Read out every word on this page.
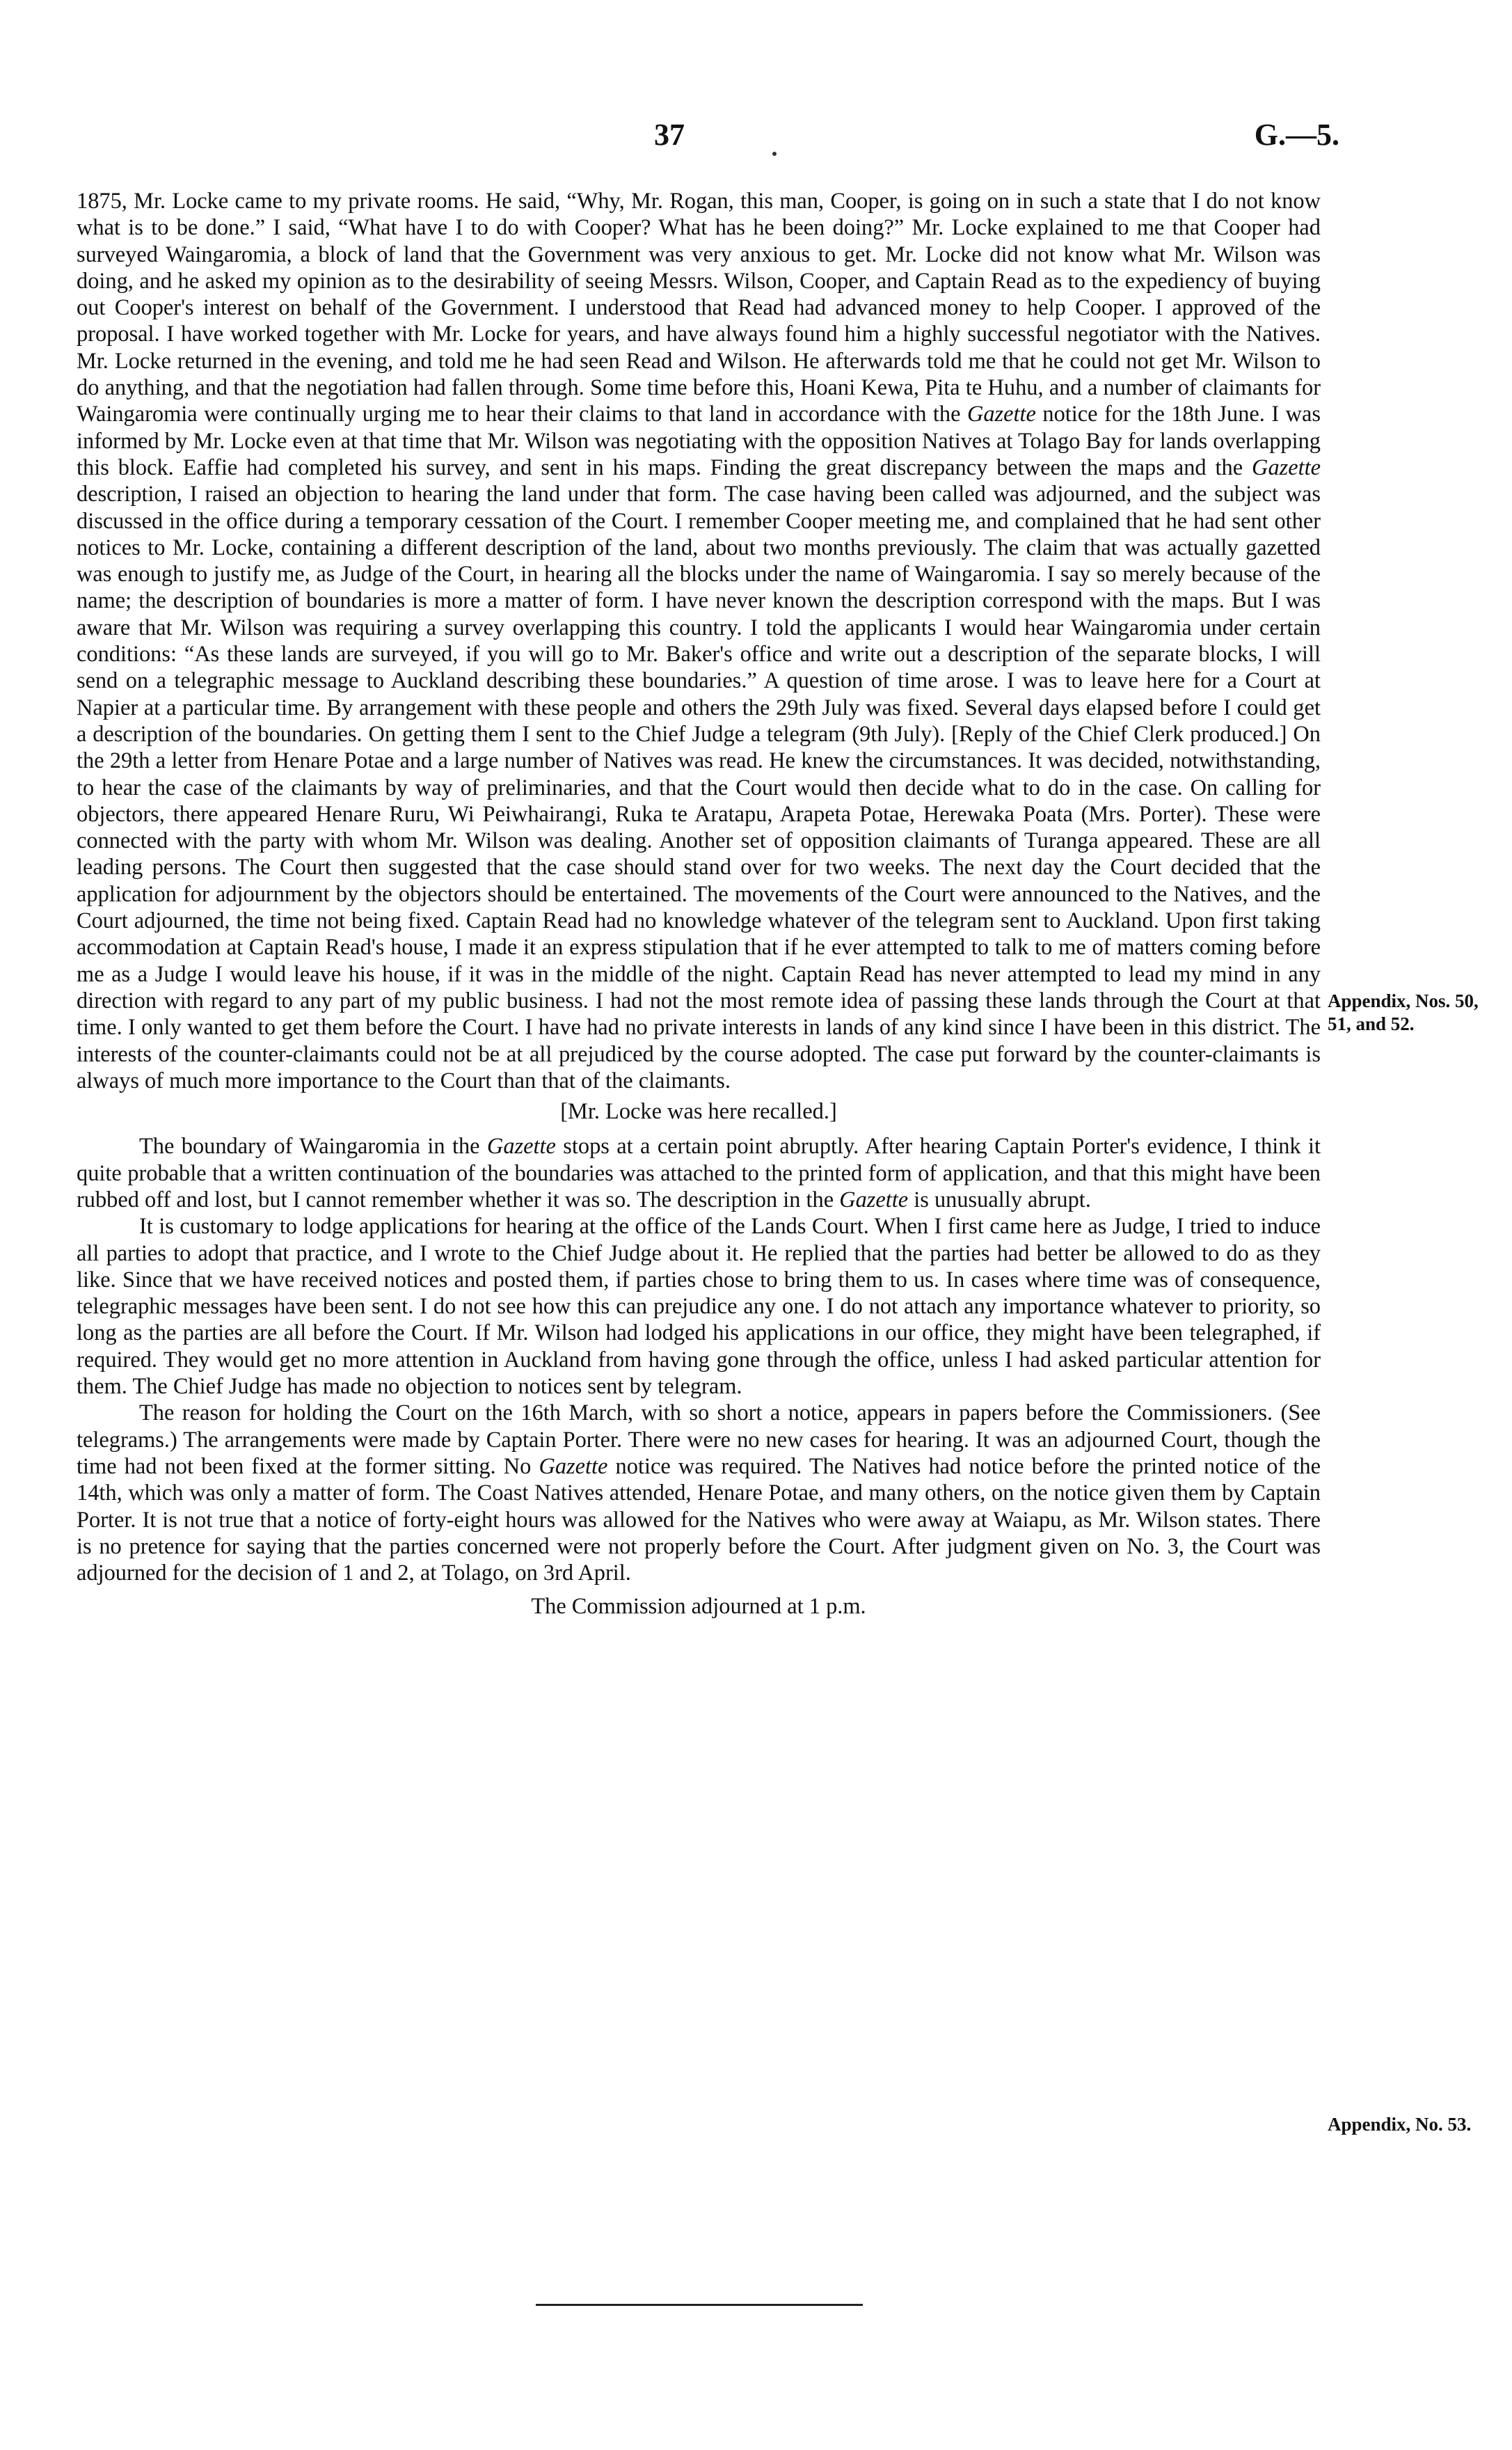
37	G.—5.

1875, Mr. Locke came to my private rooms. He said, “Why, Mr. Rogan, this man, Cooper, is going on in such a state that I do not know what is to be done.” I said, “What have I to do with Cooper? What has he been doing?” Mr. Locke explained to me that Cooper had surveyed Waingaromia, a block of land that the Government was very anxious to get. Mr. Locke did not know what Mr. Wilson was doing, and he asked my opinion as to the desirability of seeing Messrs. Wilson, Cooper, and Captain Read as to the expediency of buying out Cooper's interest on behalf of the Government. I understood that Read had advanced money to help Cooper. I approved of the proposal. I have worked together with Mr. Locke for years, and have always found him a highly successful negotiator with the Natives. Mr. Locke returned in the evening, and told me he had seen Read and Wilson. He afterwards told me that he could not get Mr. Wilson to do anything, and that the negotiation had fallen through. Some time before this, Hoani Kewa, Pita te Huhu, and a number of claimants for Waingaromia were continually urging me to hear their claims to that land in accordance with the Gazette notice for the 18th June. I was informed by Mr. Locke even at that time that Mr. Wilson was negotiating with the opposition Natives at Tolago Bay for lands overlapping this block. Eaffie had completed his survey, and sent in his maps. Finding the great discrepancy between the maps and the Gazette description, I raised an objection to hearing the land under that form. The case having been called was adjourned, and the subject was discussed in the office during a temporary cessation of the Court. I remember Cooper meeting me, and complained that he had sent other notices to Mr. Locke, containing a different description of the land, about two months previously. The claim that was actually gazetted was enough to justify me, as Judge of the Court, in hearing all the blocks under the name of Waingaromia. I say so merely because of the name; the description of boundaries is more a matter of form. I have never known the description correspond with the maps. But I was aware that Mr. Wilson was requiring a survey overlapping this country. I told the applicants I would hear Waingaromia under certain conditions: “As these lands are surveyed, if you will go to Mr. Baker's office and write out a description of the separate blocks, I will send on a telegraphic message to Auckland describing these boundaries.” A question of time arose. I was to leave here for a Court at Napier at a particular time. By arrangement with these people and others the 29th July was fixed. Several days elapsed before I could get a description of the boundaries. On getting them I sent to the Chief Judge a telegram (9th July). [Reply of the Chief Clerk produced.] On the 29th a letter from Henare Potae and a large number of Natives was read. He knew the circumstances. It was decided, notwithstanding, to hear the case of the claimants by way of preliminaries, and that the Court would then decide what to do in the case. On calling for objectors, there appeared Henare Ruru, Wi Peiwhairangi, Ruka te Aratapu, Arapeta Potae, Herewaka Poata (Mrs. Porter). These were connected with the party with whom Mr. Wilson was dealing. Another set of opposition claimants of Turanga appeared. These are all leading persons. The Court then suggested that the case should stand over for two weeks. The next day the Court decided that the application for adjournment by the objectors should be entertained. The movements of the Court were announced to the Natives, and the Court adjourned, the time not being fixed. Captain Read had no knowledge whatever of the telegram sent to Auckland. Upon first taking accommodation at Captain Read's house, I made it an express stipulation that if he ever attempted to talk to me of matters coming before me as a Judge I would leave his house, if it was in the middle of the night. Captain Read has never attempted to lead my mind in any direction with regard to any part of my public business. I had not the most remote idea of passing these lands through the Court at that time. I only wanted to get them before the Court. I have had no private interests in lands of any kind since I have been in this district. The interests of the counter-claimants could not be at all prejudiced by the course adopted. The case put forward by the counter-claimants is always of much more importance to the Court than that of the claimants.

[Mr. Locke was here recalled.]

The boundary of Waingaromia in the Gazette stops at a certain point abruptly. After hearing Captain Porter's evidence, I think it quite probable that a written continuation of the boundaries was attached to the printed form of application, and that this might have been rubbed off and lost, but I cannot remember whether it was so. The description in the Gazette is unusually abrupt.

It is customary to lodge applications for hearing at the office of the Lands Court. When I first came here as Judge, I tried to induce all parties to adopt that practice, and I wrote to the Chief Judge about it. He replied that the parties had better be allowed to do as they like. Since that we have received notices and posted them, if parties chose to bring them to us. In cases where time was of consequence, telegraphic messages have been sent. I do not see how this can prejudice any one. I do not attach any importance whatever to priority, so long as the parties are all before the Court. If Mr. Wilson had lodged his applications in our office, they might have been telegraphed, if required. They would get no more attention in Auckland from having gone through the office, unless I had asked particular attention for them. The Chief Judge has made no objection to notices sent by telegram.

The reason for holding the Court on the 16th March, with so short a notice, appears in papers before the Commissioners. (See telegrams.) The arrangements were made by Captain Porter. There were no new cases for hearing. It was an adjourned Court, though the time had not been fixed at the former sitting. No Gazette notice was required. The Natives had notice before the printed notice of the 14th, which was only a matter of form. The Coast Natives attended, Henare Potae, and many others, on the notice given them by Captain Porter. It is not true that a notice of forty-eight hours was allowed for the Natives who were away at Waiapu, as Mr. Wilson states. There is no pretence for saying that the parties concerned were not properly before the Court. After judgment given on No. 3, the Court was adjourned for the decision of 1 and 2, at Tolago, on 3rd April.

The Commission adjourned at 1 p.m.

Appendix, Nos. 50, 51, and 52.
Appendix, No. 53.
